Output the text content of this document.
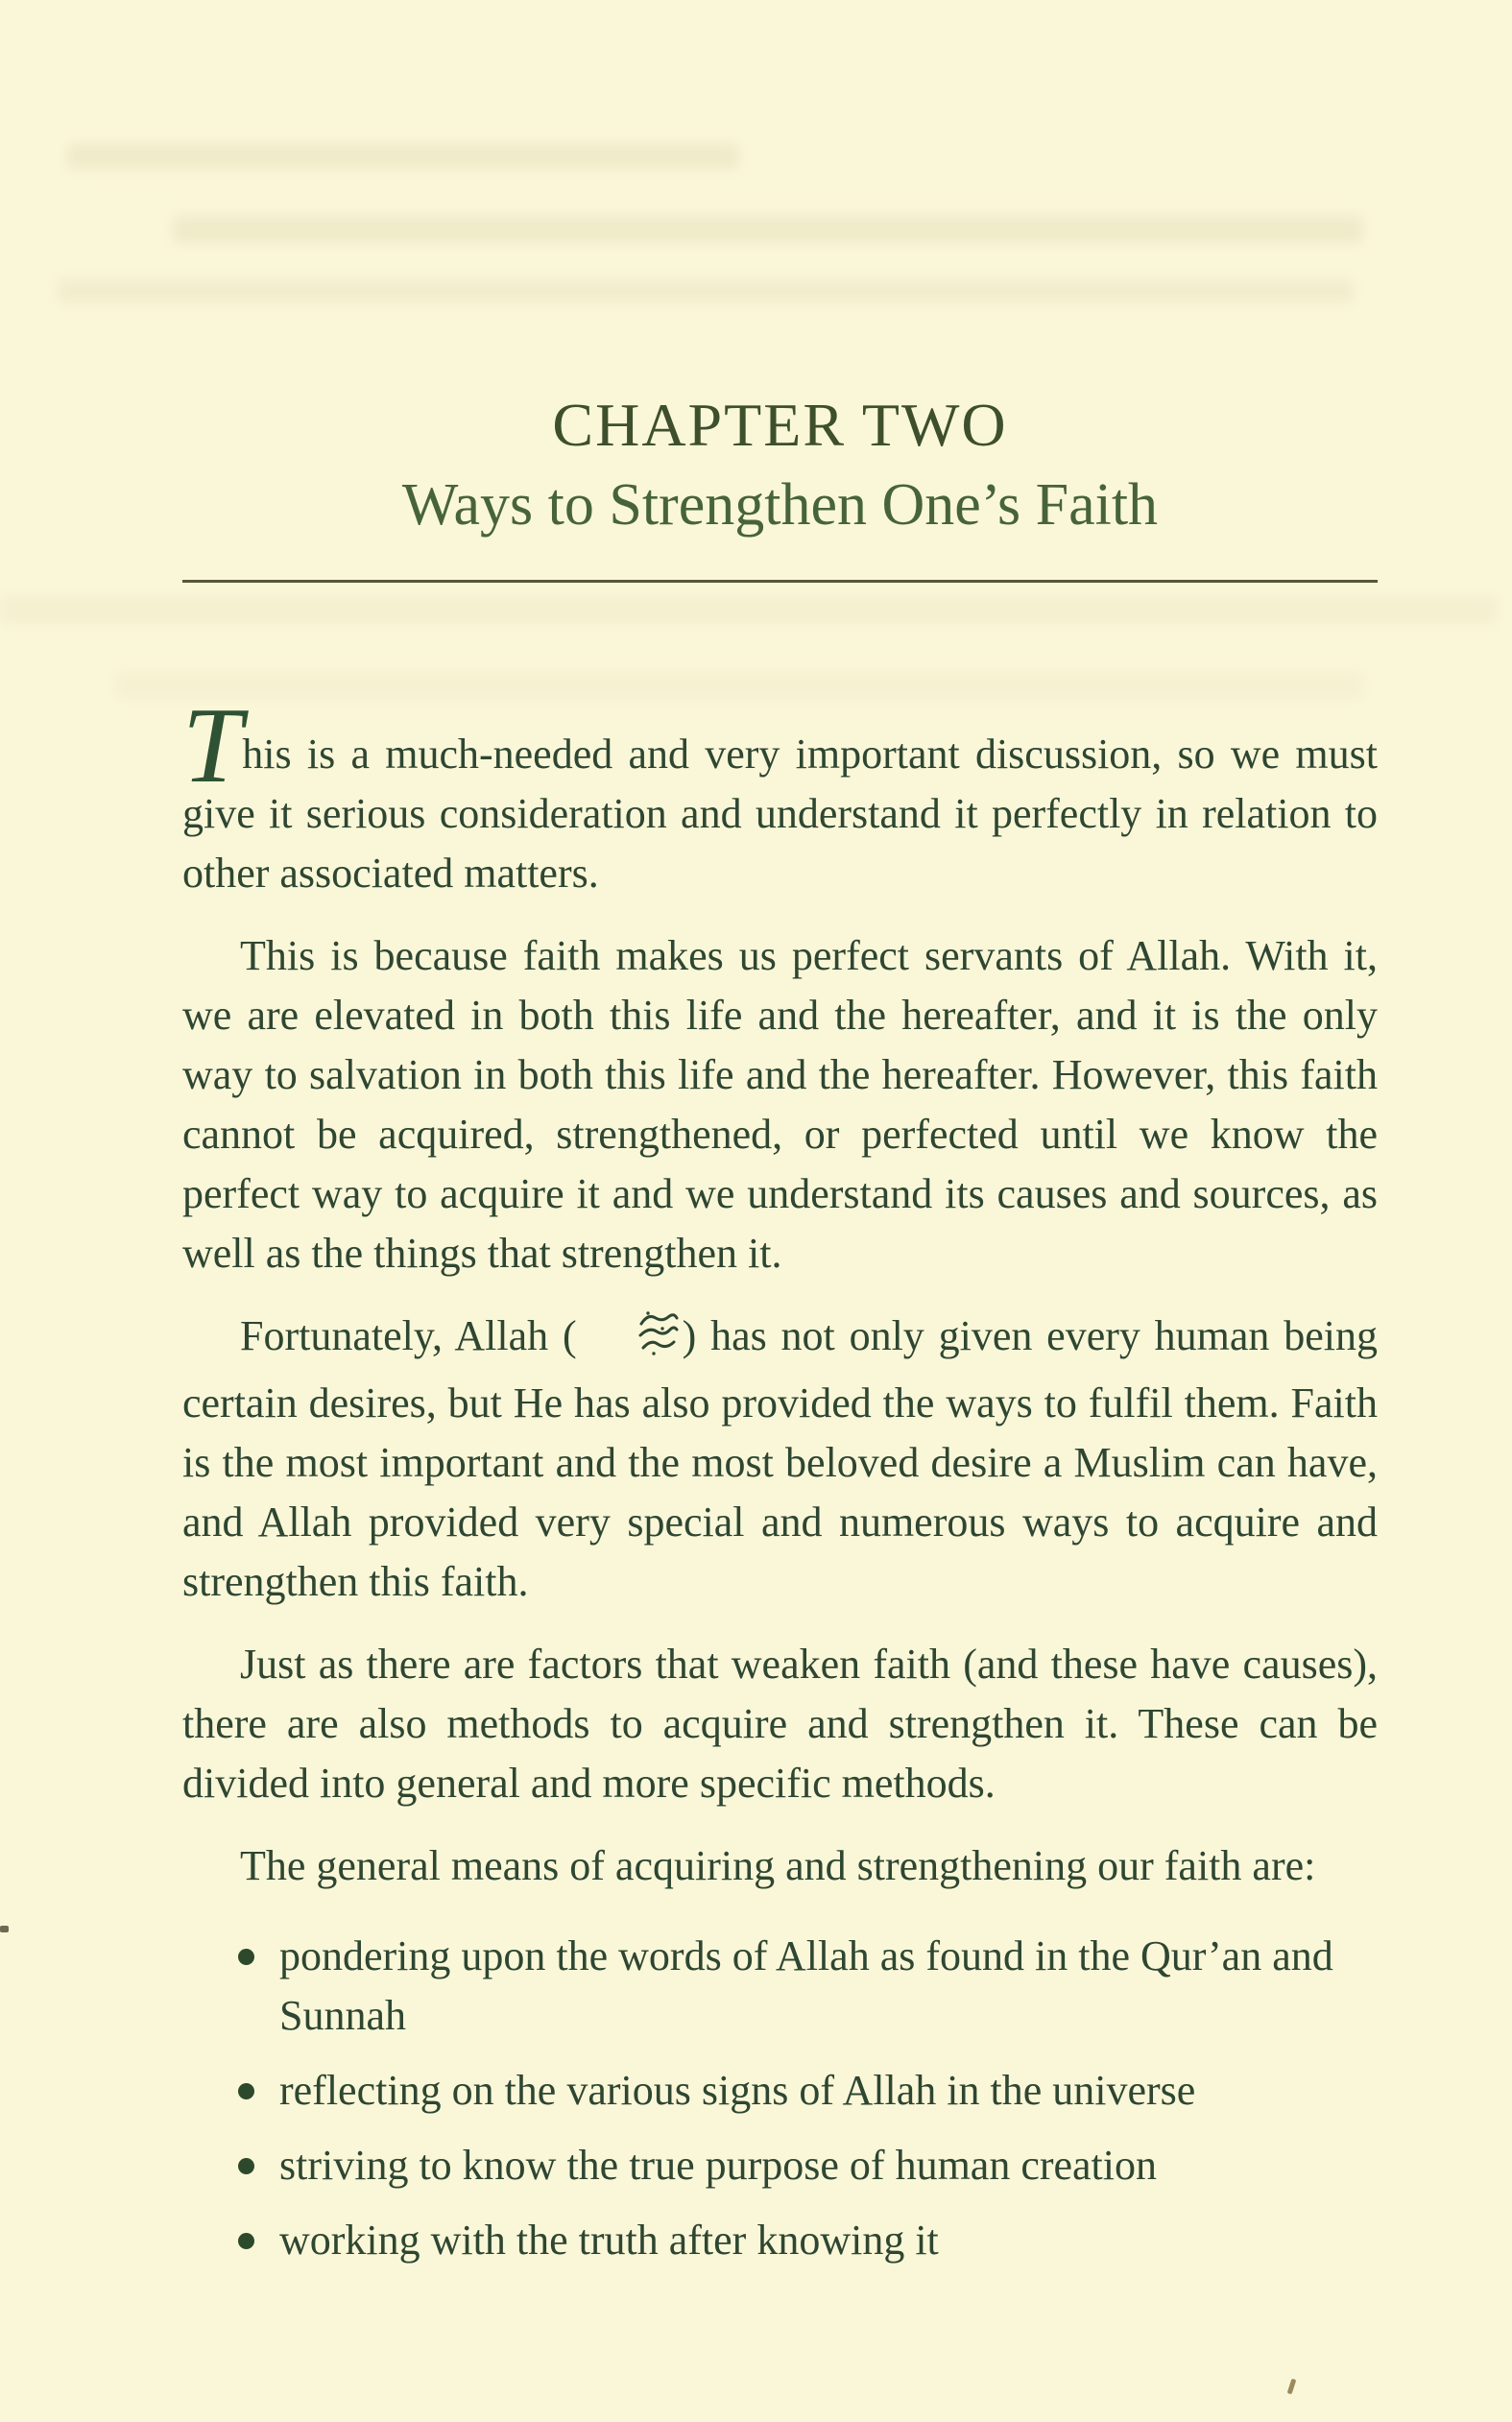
CHAPTER TWO
Ways to Strengthen One’s Faith

This is a much-needed and very important discussion, so we must give it serious consideration and understand it perfectly in relation to other associated matters.

This is because faith makes us perfect servants of Allah. With it, we are elevated in both this life and the hereafter, and it is the only way to salvation in both this life and the hereafter. However, this faith cannot be acquired, strengthened, or perfected until we know the perfect way to acquire it and we understand its causes and sources, as well as the things that strengthen it.

Fortunately, Allah (	) has not only given every human being certain desires, but He has also provided the ways to fulfil them. Faith is the most important and the most beloved desire a Muslim can have, and Allah provided very special and numerous ways to acquire and strengthen this faith.

Just as there are factors that weaken faith (and these have causes), there are also methods to acquire and strengthen it. These can be divided into general and more specific methods.

The general means of acquiring and strengthening our faith are:

pondering upon the words of Allah as found in the Qur’an and Sunnah
reflecting on the various signs of Allah in the universe
striving to know the true purpose of human creation
working with the truth after knowing it
